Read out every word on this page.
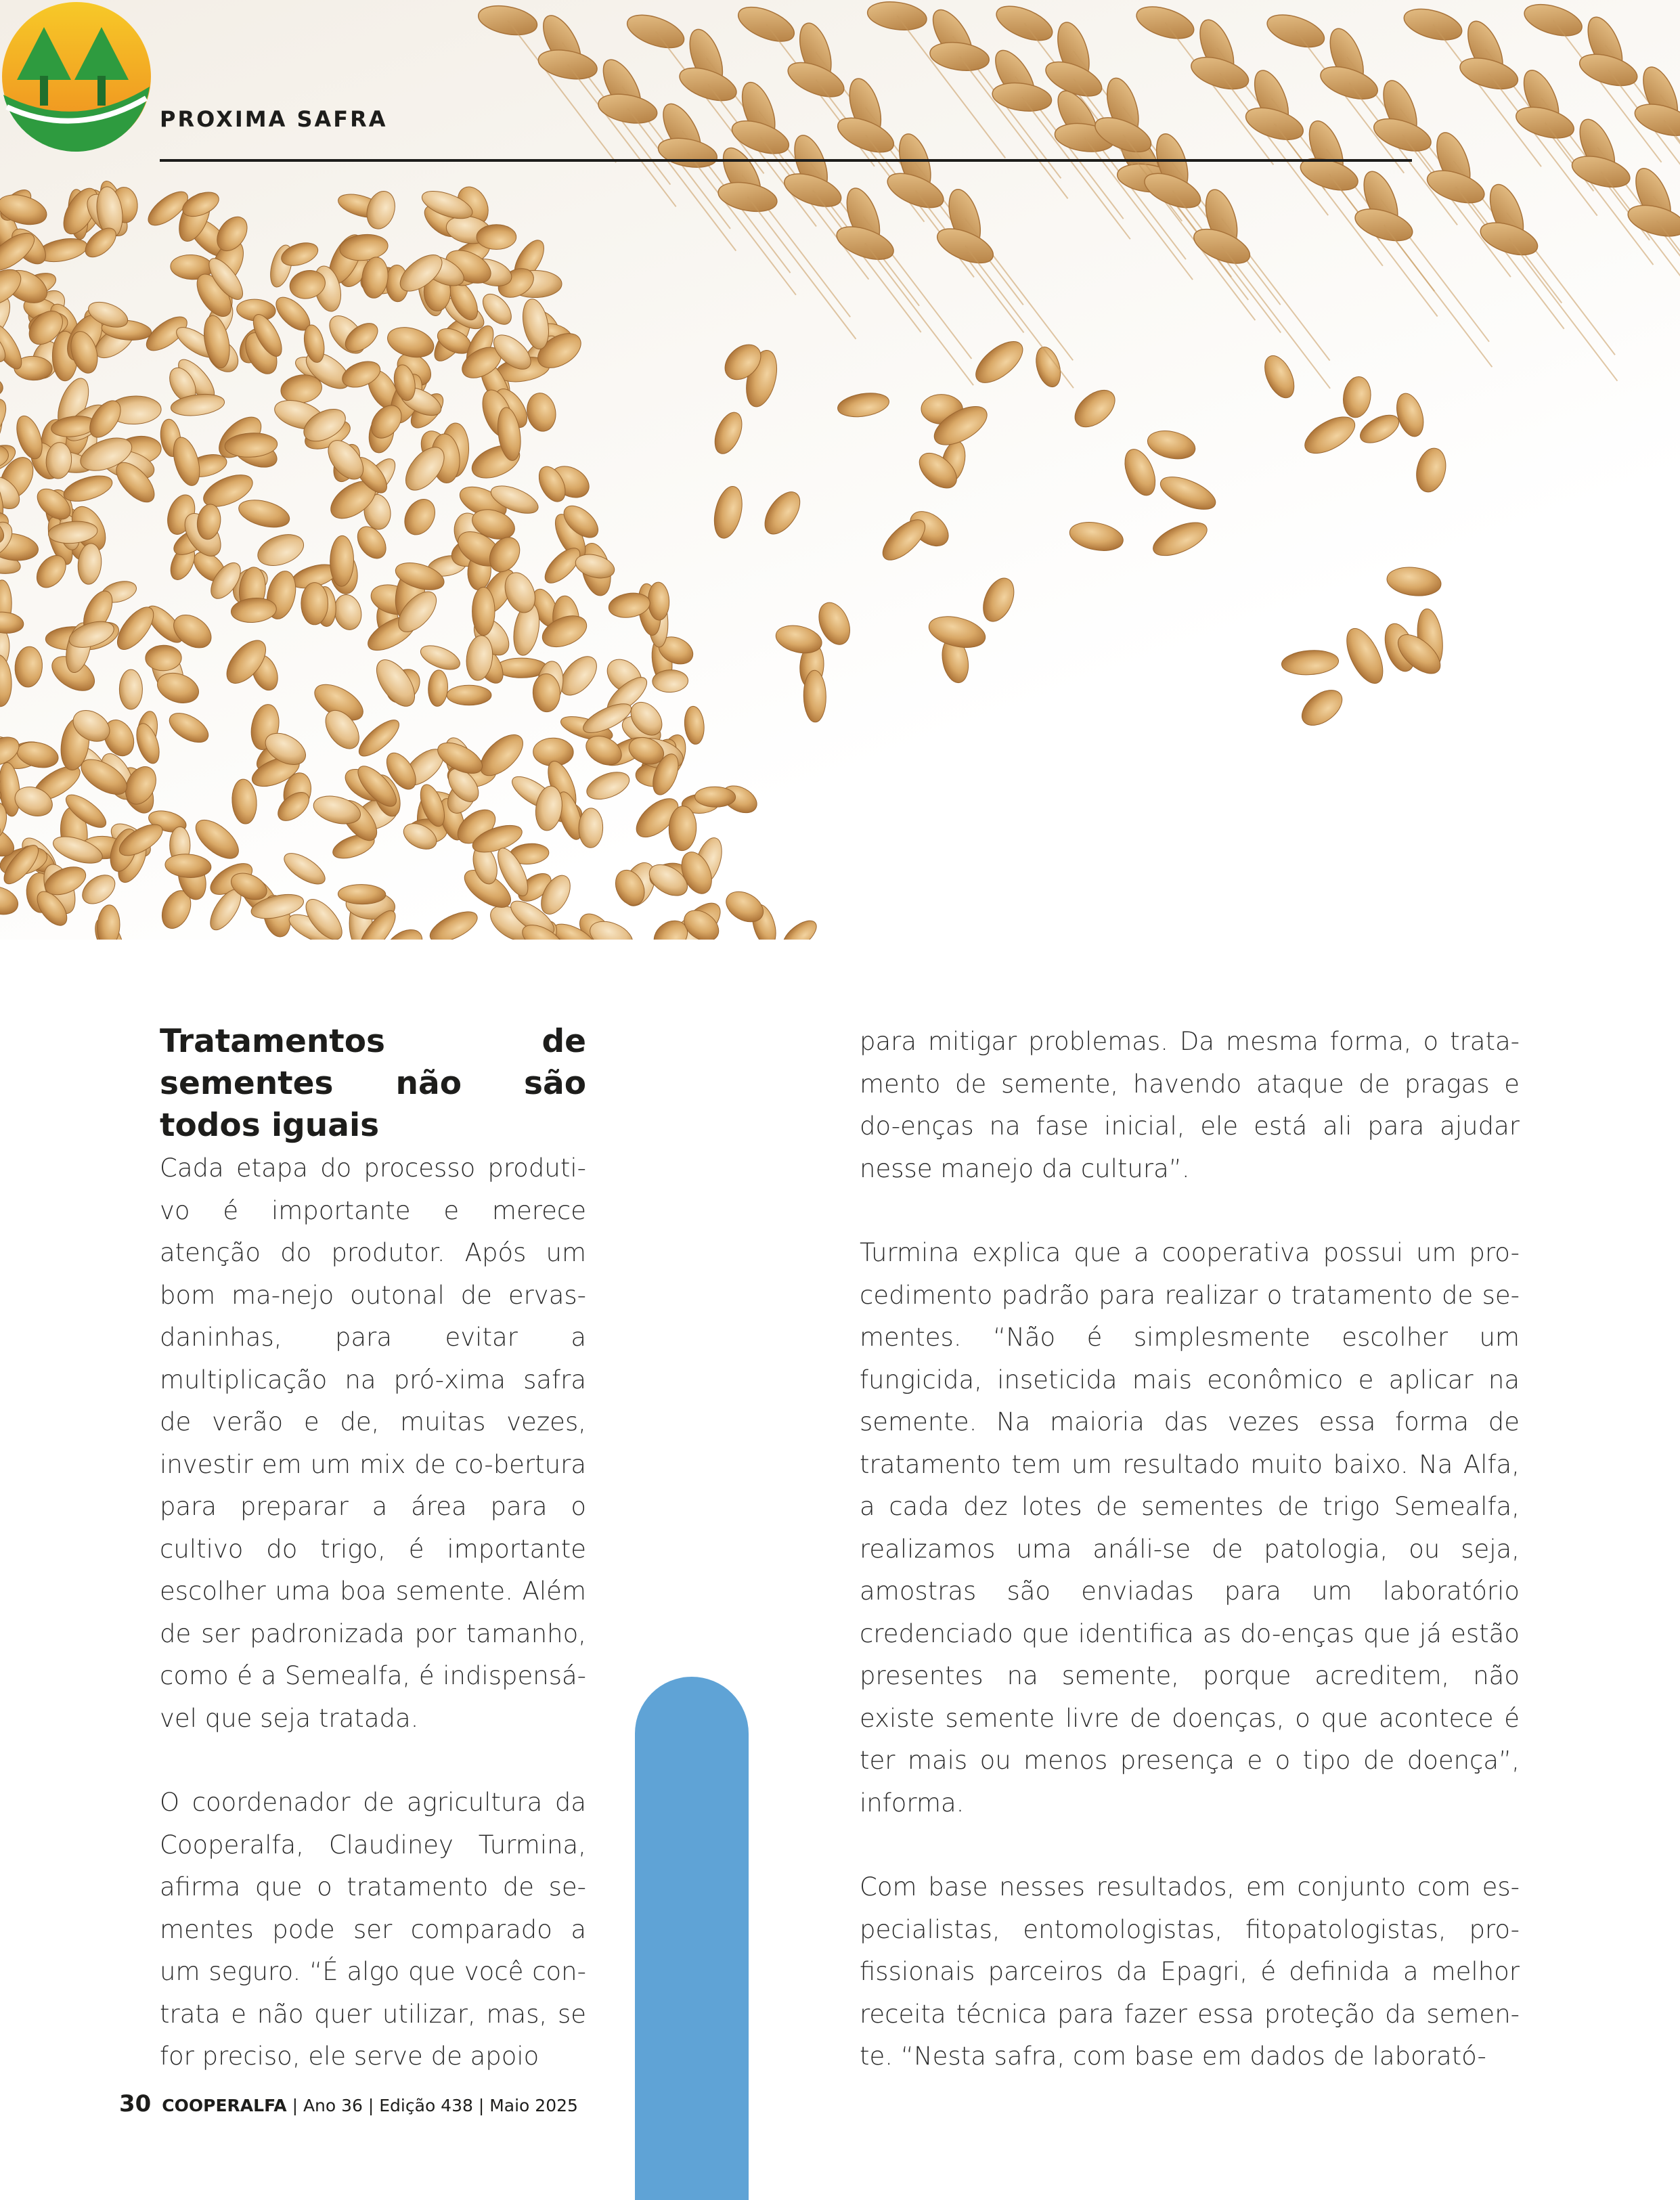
PROXIMA SAFRA
Tratamentos de sementes não são todos iguais

Cada etapa do processo produti-vo é importante e merece atenção do produtor. Após um bom ma-nejo outonal de ervas-daninhas, para evitar a multiplicação na pró-xima safra de verão e de, muitas vezes, investir em um mix de co-bertura para preparar a área para o cultivo do trigo, é importante escolher uma boa semente. Além de ser padronizada por tamanho, como é a Semealfa, é indispensá-vel que seja tratada.

O coordenador de agricultura da Cooperalfa, Claudiney Turmina, afirma que o tratamento de se-mentes pode ser comparado a um seguro. “É algo que você con-trata e não quer utilizar, mas, se for preciso, ele serve de apoio

para mitigar problemas. Da mesma forma, o trata-mento de semente, havendo ataque de pragas e do-enças na fase inicial, ele está ali para ajudar nesse manejo da cultura”.

Turmina explica que a cooperativa possui um pro-cedimento padrão para realizar o tratamento de se-mentes. “Não é simplesmente escolher um fungicida, inseticida mais econômico e aplicar na semente. Na maioria das vezes essa forma de tratamento tem um resultado muito baixo. Na Alfa, a cada dez lotes de sementes de trigo Semealfa, realizamos uma análi-se de patologia, ou seja, amostras são enviadas para um laboratório credenciado que identifica as do-enças que já estão presentes na semente, porque acreditem, não existe semente livre de doenças, o que acontece é ter mais ou menos presença e o tipo de doença”, informa.

Com base nesses resultados, em conjunto com es-pecialistas, entomologistas, fitopatologistas, pro-fissionais parceiros da Epagri, é definida a melhor receita técnica para fazer essa proteção da semen-te. “Nesta safra, com base em dados de laborató-

30 COOPERALFA | Ano 36 | Edição 438 | Maio 2025
